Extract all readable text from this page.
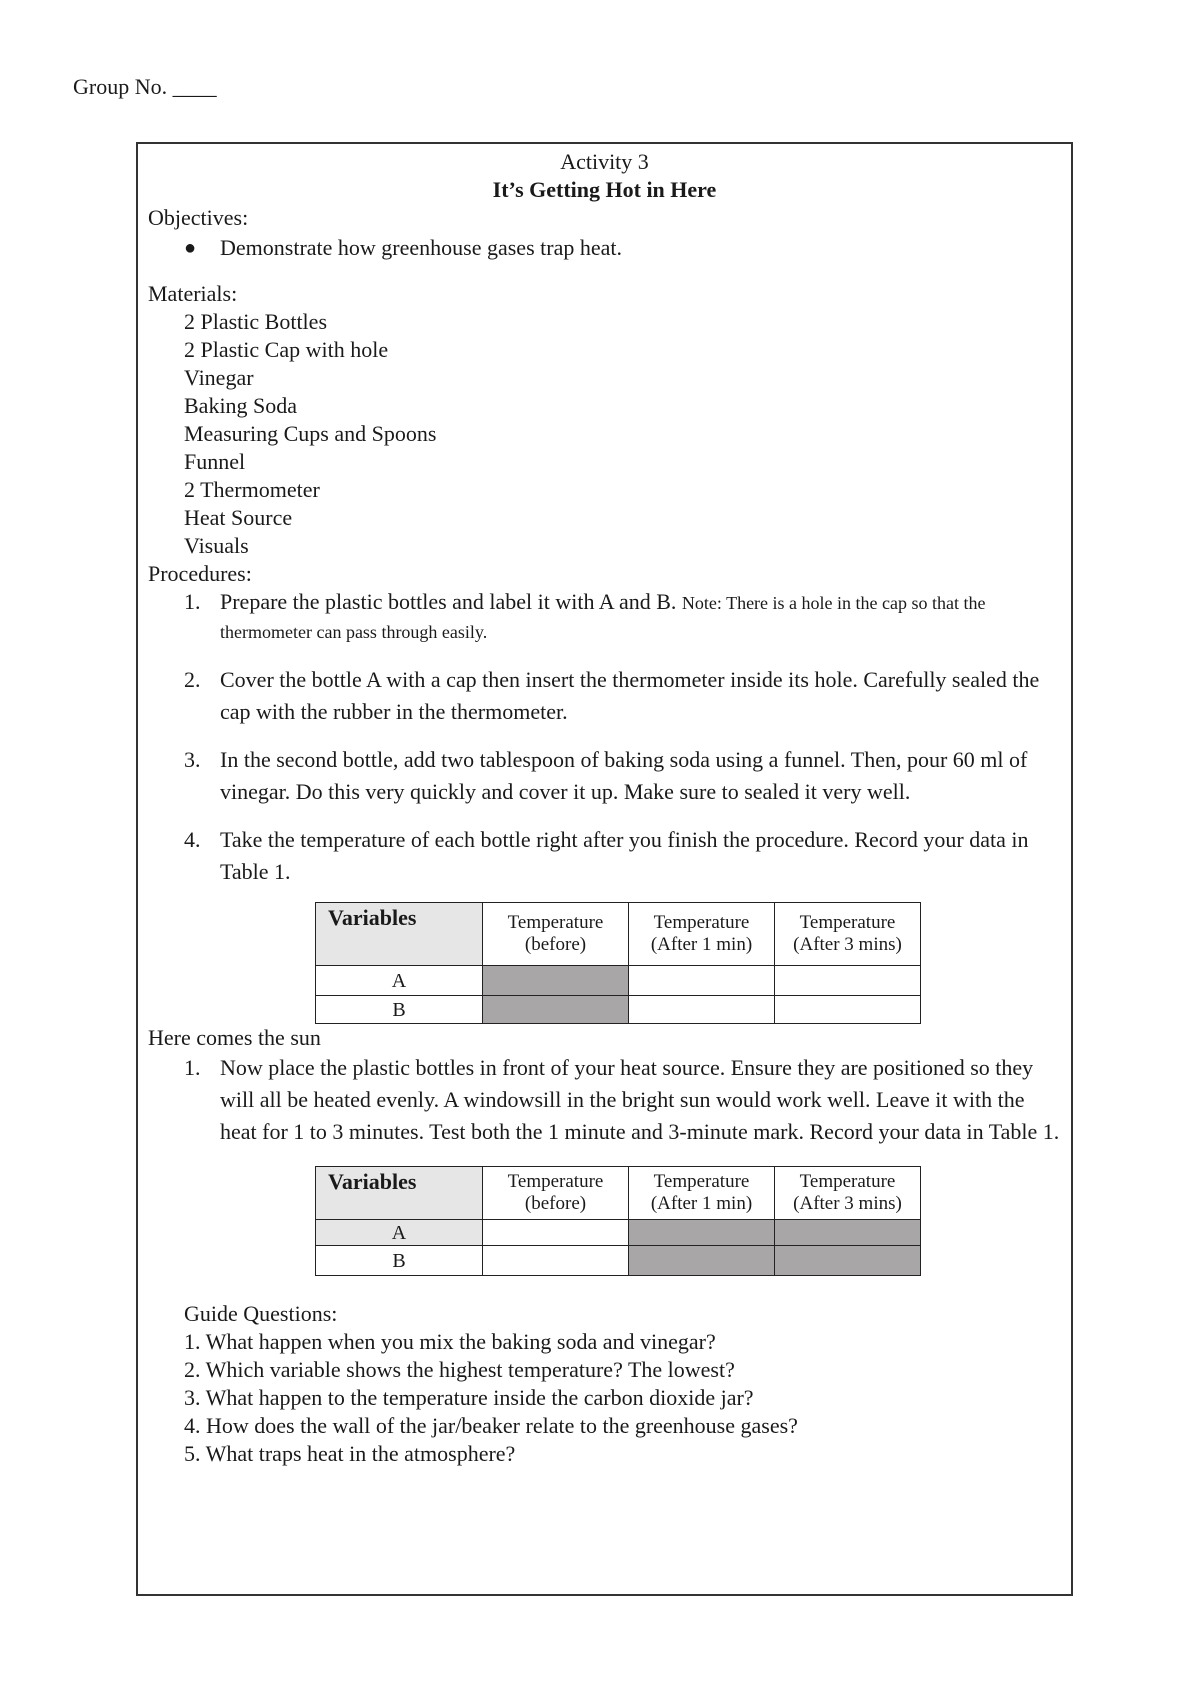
Group No. ____
Activity 3
It’s Getting Hot in Here
Objectives:
●	Demonstrate how greenhouse gases trap heat.
Materials:
2 Plastic Bottles
2 Plastic Cap with hole
Vinegar
Baking Soda
Measuring Cups and Spoons
Funnel
2 Thermometer
Heat Source
Visuals
Procedures:
1. Prepare the plastic bottles and label it with A and B. Note: There is a hole in the cap so that the thermometer can pass through easily.
2. Cover the bottle A with a cap then insert the thermometer inside its hole. Carefully sealed the cap with the rubber in the thermometer.
3. In the second bottle, add two tablespoon of baking soda using a funnel. Then, pour 60 ml of vinegar. Do this very quickly and cover it up. Make sure to sealed it very well.
4. Take the temperature of each bottle right after you finish the procedure. Record your data in Table 1.
Variables	Temperature (before)	Temperature (After 1 min)	Temperature (After 3 mins)
A			
B			
Here comes the sun
1. Now place the plastic bottles in front of your heat source. Ensure they are positioned so they will all be heated evenly. A windowsill in the bright sun would work well. Leave it with the heat for 1 to 3 minutes. Test both the 1 minute and 3-minute mark. Record your data in Table 1.
Variables	Temperature (before)	Temperature (After 1 min)	Temperature (After 3 mins)
A			
B			
Guide Questions:
1. What happen when you mix the baking soda and vinegar?
2. Which variable shows the highest temperature? The lowest?
3. What happen to the temperature inside the carbon dioxide jar?
4. How does the wall of the jar/beaker relate to the greenhouse gases?
5. What traps heat in the atmosphere?
